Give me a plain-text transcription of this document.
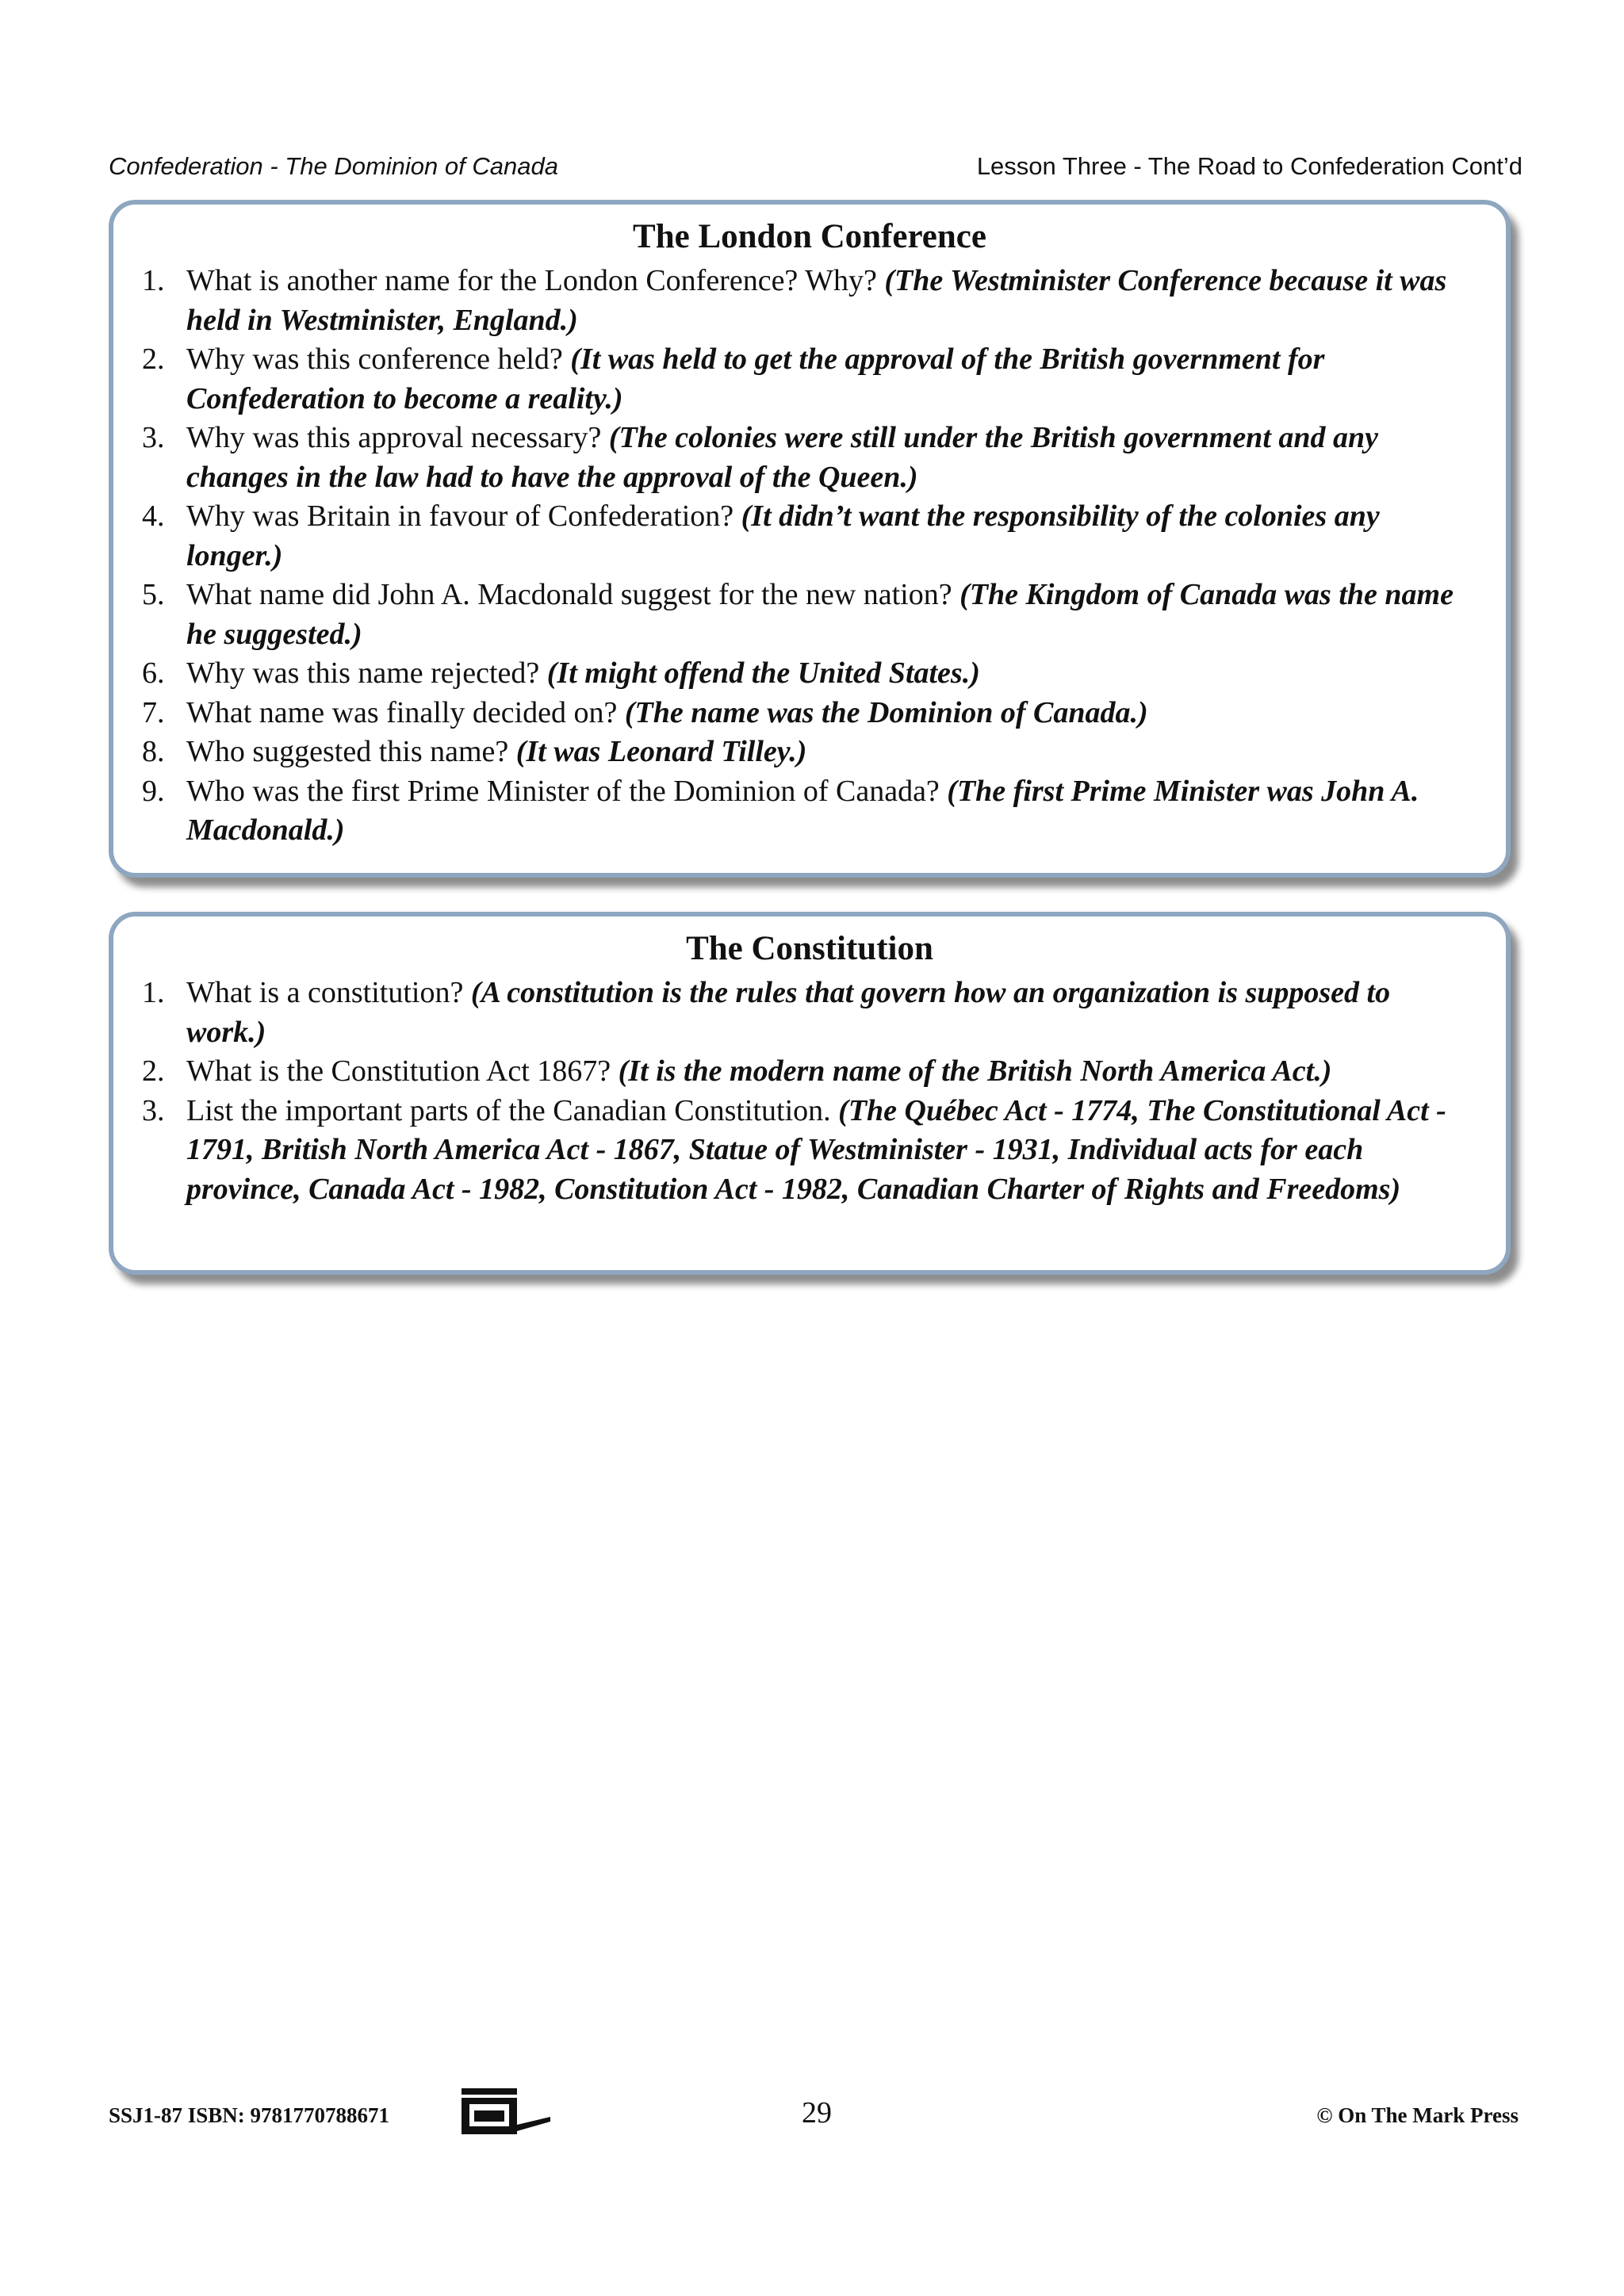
Confederation - The Dominion of Canada	Lesson Three - The Road to Confederation Cont’d
The London Conference
1. What is another name for the London Conference? Why? (The Westminister Conference because it was held in Westminister, England.)
2. Why was this conference held? (It was held to get the approval of the British government for Confederation to become a reality.)
3. Why was this approval necessary? (The colonies were still under the British government and any changes in the law had to have the approval of the Queen.)
4. Why was Britain in favour of Confederation? (It didn’t want the responsibility of the colonies any longer.)
5. What name did John A. Macdonald suggest for the new nation? (The Kingdom of Canada was the name he suggested.)
6. Why was this name rejected? (It might offend the United States.)
7. What name was finally decided on? (The name was the Dominion of Canada.)
8. Who suggested this name? (It was Leonard Tilley.)
9. Who was the first Prime Minister of the Dominion of Canada? (The first Prime Minister was John A. Macdonald.)
The Constitution
1. What is a constitution? (A constitution is the rules that govern how an organization is supposed to work.)
2. What is the Constitution Act 1867? (It is the modern name of the British North America Act.)
3. List the important parts of the Canadian Constitution. (The Québec Act - 1774, The Constitutional Act - 1791, British North America Act - 1867, Statue of Westminister - 1931, Individual acts for each province, Canada Act - 1982, Constitution Act - 1982, Canadian Charter of Rights and Freedoms)
SSJ1-87 ISBN: 9781770788671	29	© On The Mark Press
